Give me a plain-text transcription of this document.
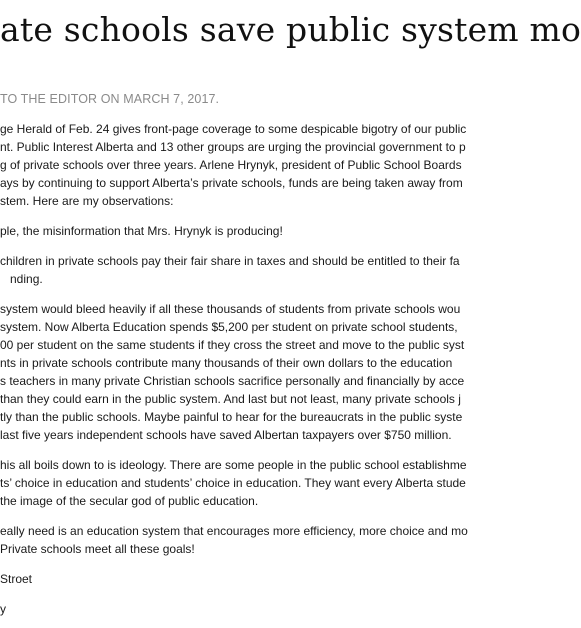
ate schools save public system mo
TO THE EDITOR ON MARCH 7, 2017.
ge Herald of Feb. 24 gives front-page coverage to some despicable bigotry of our public
nt. Public Interest Alberta and 13 other groups are urging the provincial government to p
g of private schools over three years. Arlene Hrynyk, president of Public School Boards
ays by continuing to support Alberta’s private schools, funds are being taken away from
stem. Here are my observations:
ple, the misinformation that Mrs. Hrynyk is producing!
children in private schools pay their fair share in taxes and should be entitled to their fa
nding.
system would bleed heavily if all these thousands of students from private schools wou
system. Now Alberta Education spends $5,200 per student on private school students,
00 per student on the same students if they cross the street and move to the public syst
nts in private schools contribute many thousands of their own dollars to the education
s teachers in many private Christian schools sacrifice personally and financially by acce
than they could earn in the public system. And last but not least, many private schools j
tly than the public schools. Maybe painful to hear for the bureaucrats in the public syste
last five years independent schools have saved Albertan taxpayers over $750 million.
his all boils down to is ideology. There are some people in the public school establishme
ts’ choice in education and students’ choice in education. They want every Alberta stude
the image of the secular god of public education.
eally need is an education system that encourages more efficiency, more choice and mo
Private schools meet all these goals!
Stroet
y
